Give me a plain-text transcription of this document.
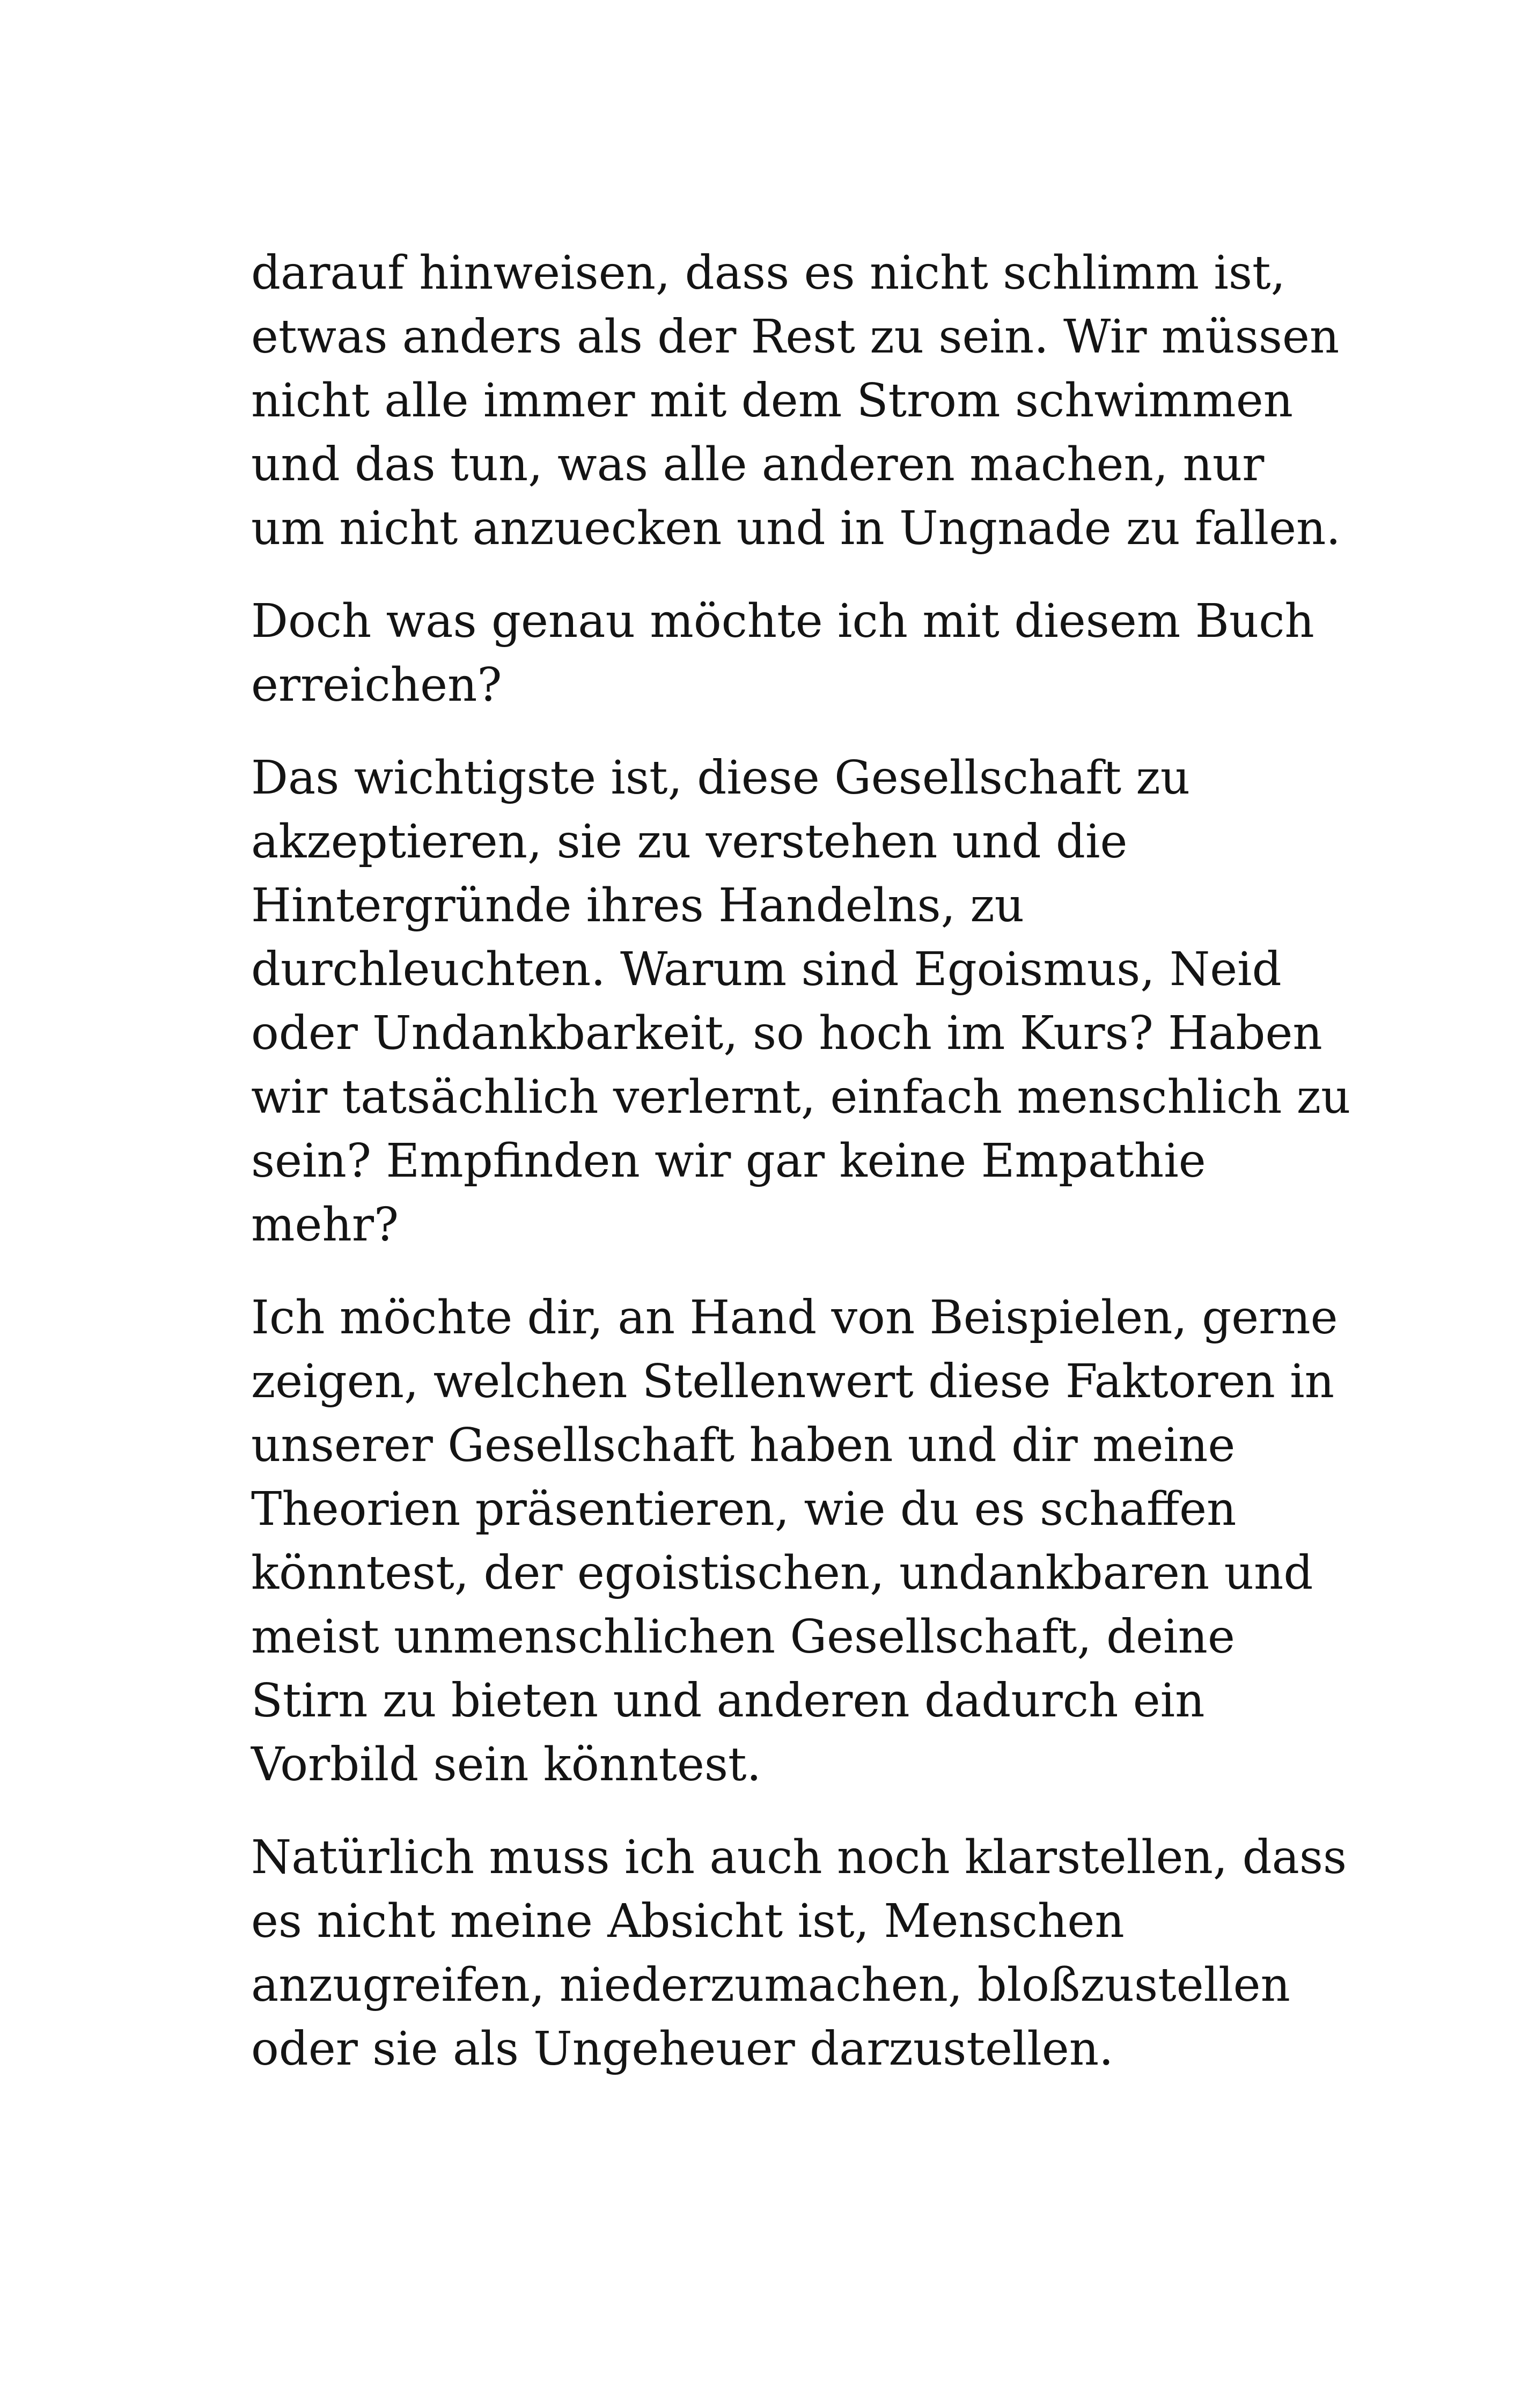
darauf hinweisen, dass es nicht schlimm ist,
etwas anders als der Rest zu sein. Wir müssen
nicht alle immer mit dem Strom schwimmen
und das tun, was alle anderen machen, nur
um nicht anzuecken und in Ungnade zu fallen.

Doch was genau möchte ich mit diesem Buch
erreichen?

Das wichtigste ist, diese Gesellschaft zu
akzeptieren, sie zu verstehen und die
Hintergründe ihres Handelns, zu
durchleuchten. Warum sind Egoismus, Neid
oder Undankbarkeit, so hoch im Kurs? Haben
wir tatsächlich verlernt, einfach menschlich zu
sein? Empfinden wir gar keine Empathie
mehr?

Ich möchte dir, an Hand von Beispielen, gerne
zeigen, welchen Stellenwert diese Faktoren in
unserer Gesellschaft haben und dir meine
Theorien präsentieren, wie du es schaffen
könntest, der egoistischen, undankbaren und
meist unmenschlichen Gesellschaft, deine
Stirn zu bieten und anderen dadurch ein
Vorbild sein könntest.

Natürlich muss ich auch noch klarstellen, dass
es nicht meine Absicht ist, Menschen
anzugreifen, niederzumachen, bloßzustellen
oder sie als Ungeheuer darzustellen.
